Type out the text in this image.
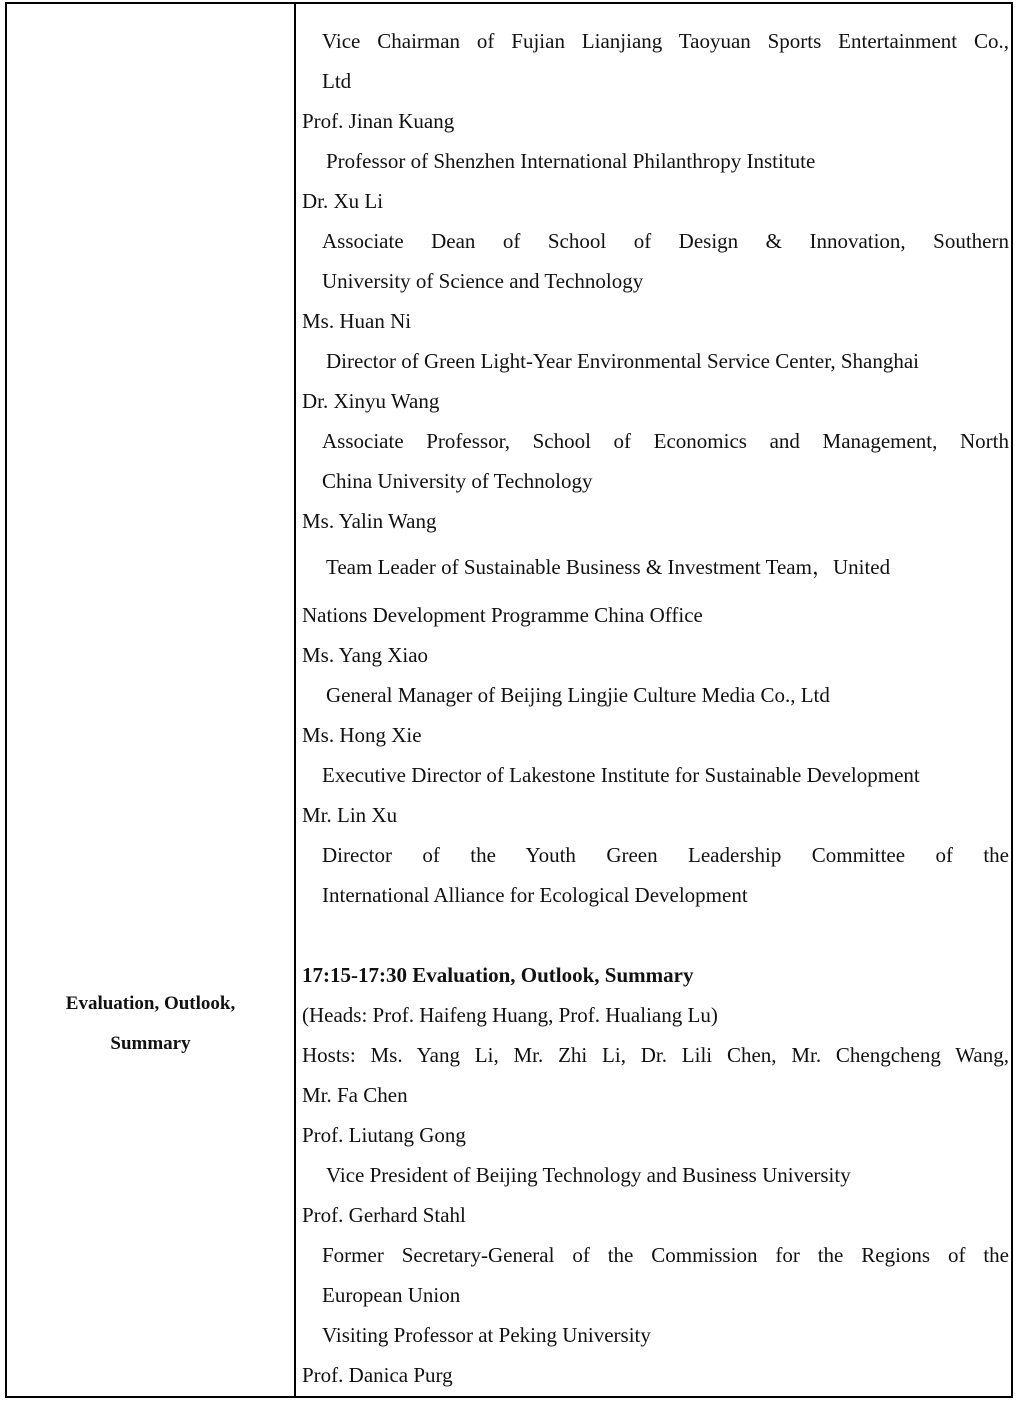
Evaluation, Outlook,
Summary
Vice Chairman of Fujian Lianjiang Taoyuan Sports Entertainment Co.,
Ltd
Prof. Jinan Kuang
Professor of Shenzhen International Philanthropy Institute
Dr. Xu Li
Associate Dean of School of Design & Innovation, Southern
University of Science and Technology
Ms. Huan Ni
Director of Green Light-Year Environmental Service Center, Shanghai
Dr. Xinyu Wang
Associate Professor, School of Economics and Management, North
China University of Technology
Ms. Yalin Wang
Team Leader of Sustainable Business & Investment Team，United
Nations Development Programme China Office
Ms. Yang Xiao
General Manager of Beijing Lingjie Culture Media Co., Ltd
Ms. Hong Xie
Executive Director of Lakestone Institute for Sustainable Development
Mr. Lin Xu
Director of the Youth Green Leadership Committee of the
International Alliance for Ecological Development
17:15-17:30 Evaluation, Outlook, Summary
(Heads: Prof. Haifeng Huang, Prof. Hualiang Lu)
Hosts: Ms. Yang Li, Mr. Zhi Li, Dr. Lili Chen, Mr. Chengcheng Wang,
Mr. Fa Chen
Prof. Liutang Gong
Vice President of Beijing Technology and Business University
Prof. Gerhard Stahl
Former Secretary-General of the Commission for the Regions of the
European Union
Visiting Professor at Peking University
Prof. Danica Purg
